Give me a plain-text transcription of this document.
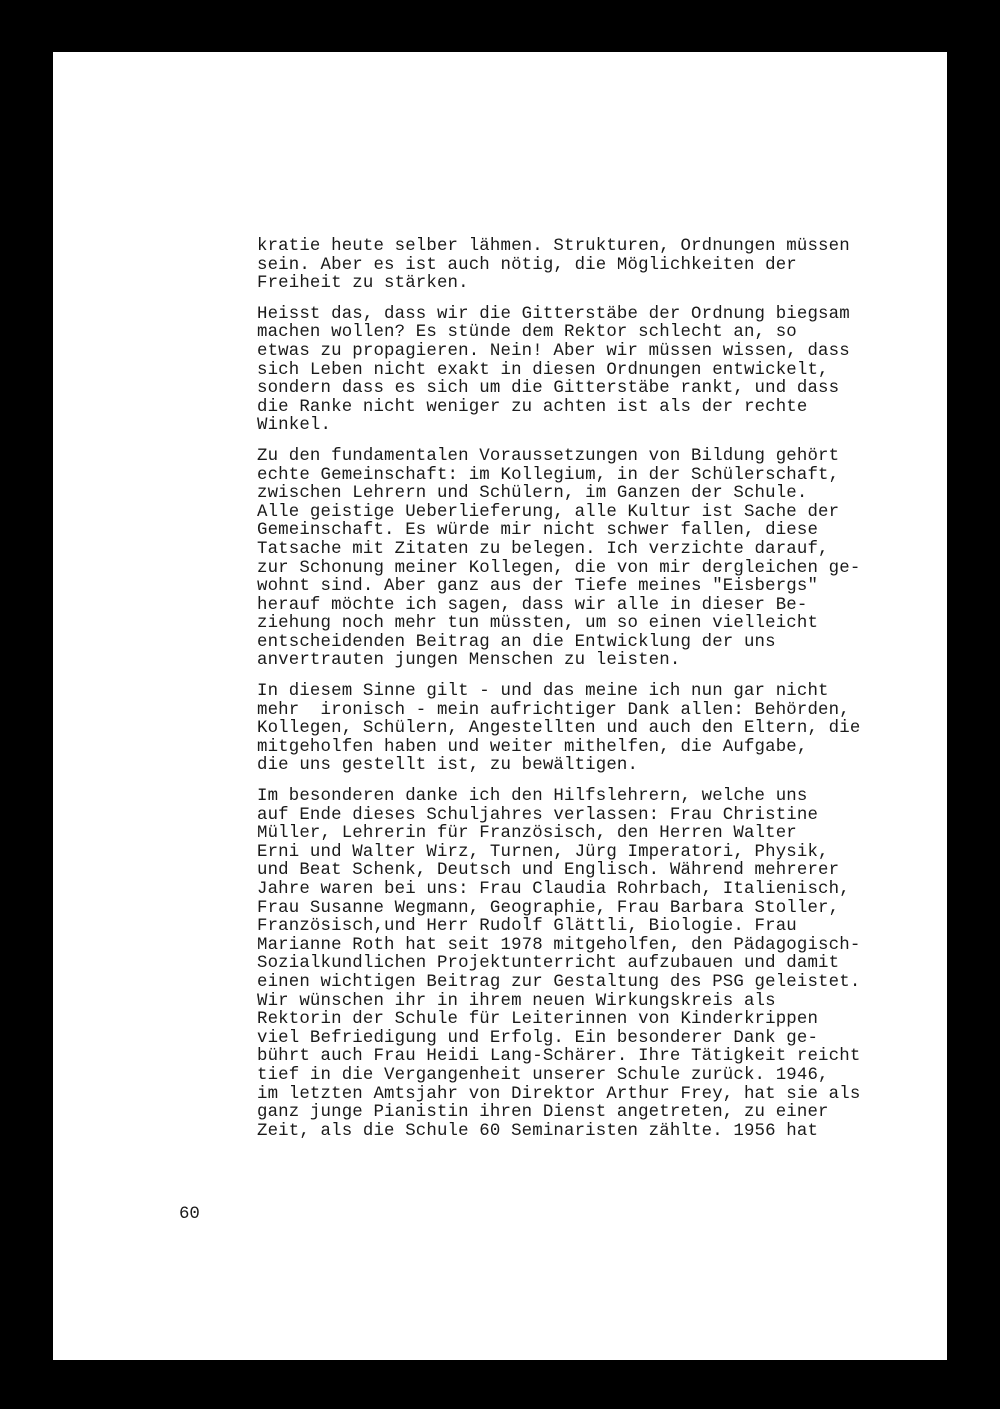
kratie heute selber lähmen. Strukturen, Ordnungen müssen
sein. Aber es ist auch nötig, die Möglichkeiten der
Freiheit zu stärken.
Heisst das, dass wir die Gitterstäbe der Ordnung biegsam
machen wollen? Es stünde dem Rektor schlecht an, so
etwas zu propagieren. Nein! Aber wir müssen wissen, dass
sich Leben nicht exakt in diesen Ordnungen entwickelt,
sondern dass es sich um die Gitterstäbe rankt, und dass
die Ranke nicht weniger zu achten ist als der rechte
Winkel.
Zu den fundamentalen Voraussetzungen von Bildung gehört
echte Gemeinschaft: im Kollegium, in der Schülerschaft,
zwischen Lehrern und Schülern, im Ganzen der Schule.
Alle geistige Ueberlieferung, alle Kultur ist Sache der
Gemeinschaft. Es würde mir nicht schwer fallen, diese
Tatsache mit Zitaten zu belegen. Ich verzichte darauf,
zur Schonung meiner Kollegen, die von mir dergleichen ge-
wohnt sind. Aber ganz aus der Tiefe meines "Eisbergs"
herauf möchte ich sagen, dass wir alle in dieser Be-
ziehung noch mehr tun müssten, um so einen vielleicht
entscheidenden Beitrag an die Entwicklung der uns
anvertrauten jungen Menschen zu leisten.
In diesem Sinne gilt - und das meine ich nun gar nicht
mehr  ironisch - mein aufrichtiger Dank allen: Behörden,
Kollegen, Schülern, Angestellten und auch den Eltern, die
mitgeholfen haben und weiter mithelfen, die Aufgabe,
die uns gestellt ist, zu bewältigen.
Im besonderen danke ich den Hilfslehrern, welche uns
auf Ende dieses Schuljahres verlassen: Frau Christine
Müller, Lehrerin für Französisch, den Herren Walter
Erni und Walter Wirz, Turnen, Jürg Imperatori, Physik,
und Beat Schenk, Deutsch und Englisch. Während mehrerer
Jahre waren bei uns: Frau Claudia Rohrbach, Italienisch,
Frau Susanne Wegmann, Geographie, Frau Barbara Stoller,
Französisch,und Herr Rudolf Glättli, Biologie. Frau
Marianne Roth hat seit 1978 mitgeholfen, den Pädagogisch-
Sozialkundlichen Projektunterricht aufzubauen und damit
einen wichtigen Beitrag zur Gestaltung des PSG geleistet.
Wir wünschen ihr in ihrem neuen Wirkungskreis als
Rektorin der Schule für Leiterinnen von Kinderkrippen
viel Befriedigung und Erfolg. Ein besonderer Dank ge-
bührt auch Frau Heidi Lang-Schärer. Ihre Tätigkeit reicht
tief in die Vergangenheit unserer Schule zurück. 1946,
im letzten Amtsjahr von Direktor Arthur Frey, hat sie als
ganz junge Pianistin ihren Dienst angetreten, zu einer
Zeit, als die Schule 60 Seminaristen zählte. 1956 hat
60
